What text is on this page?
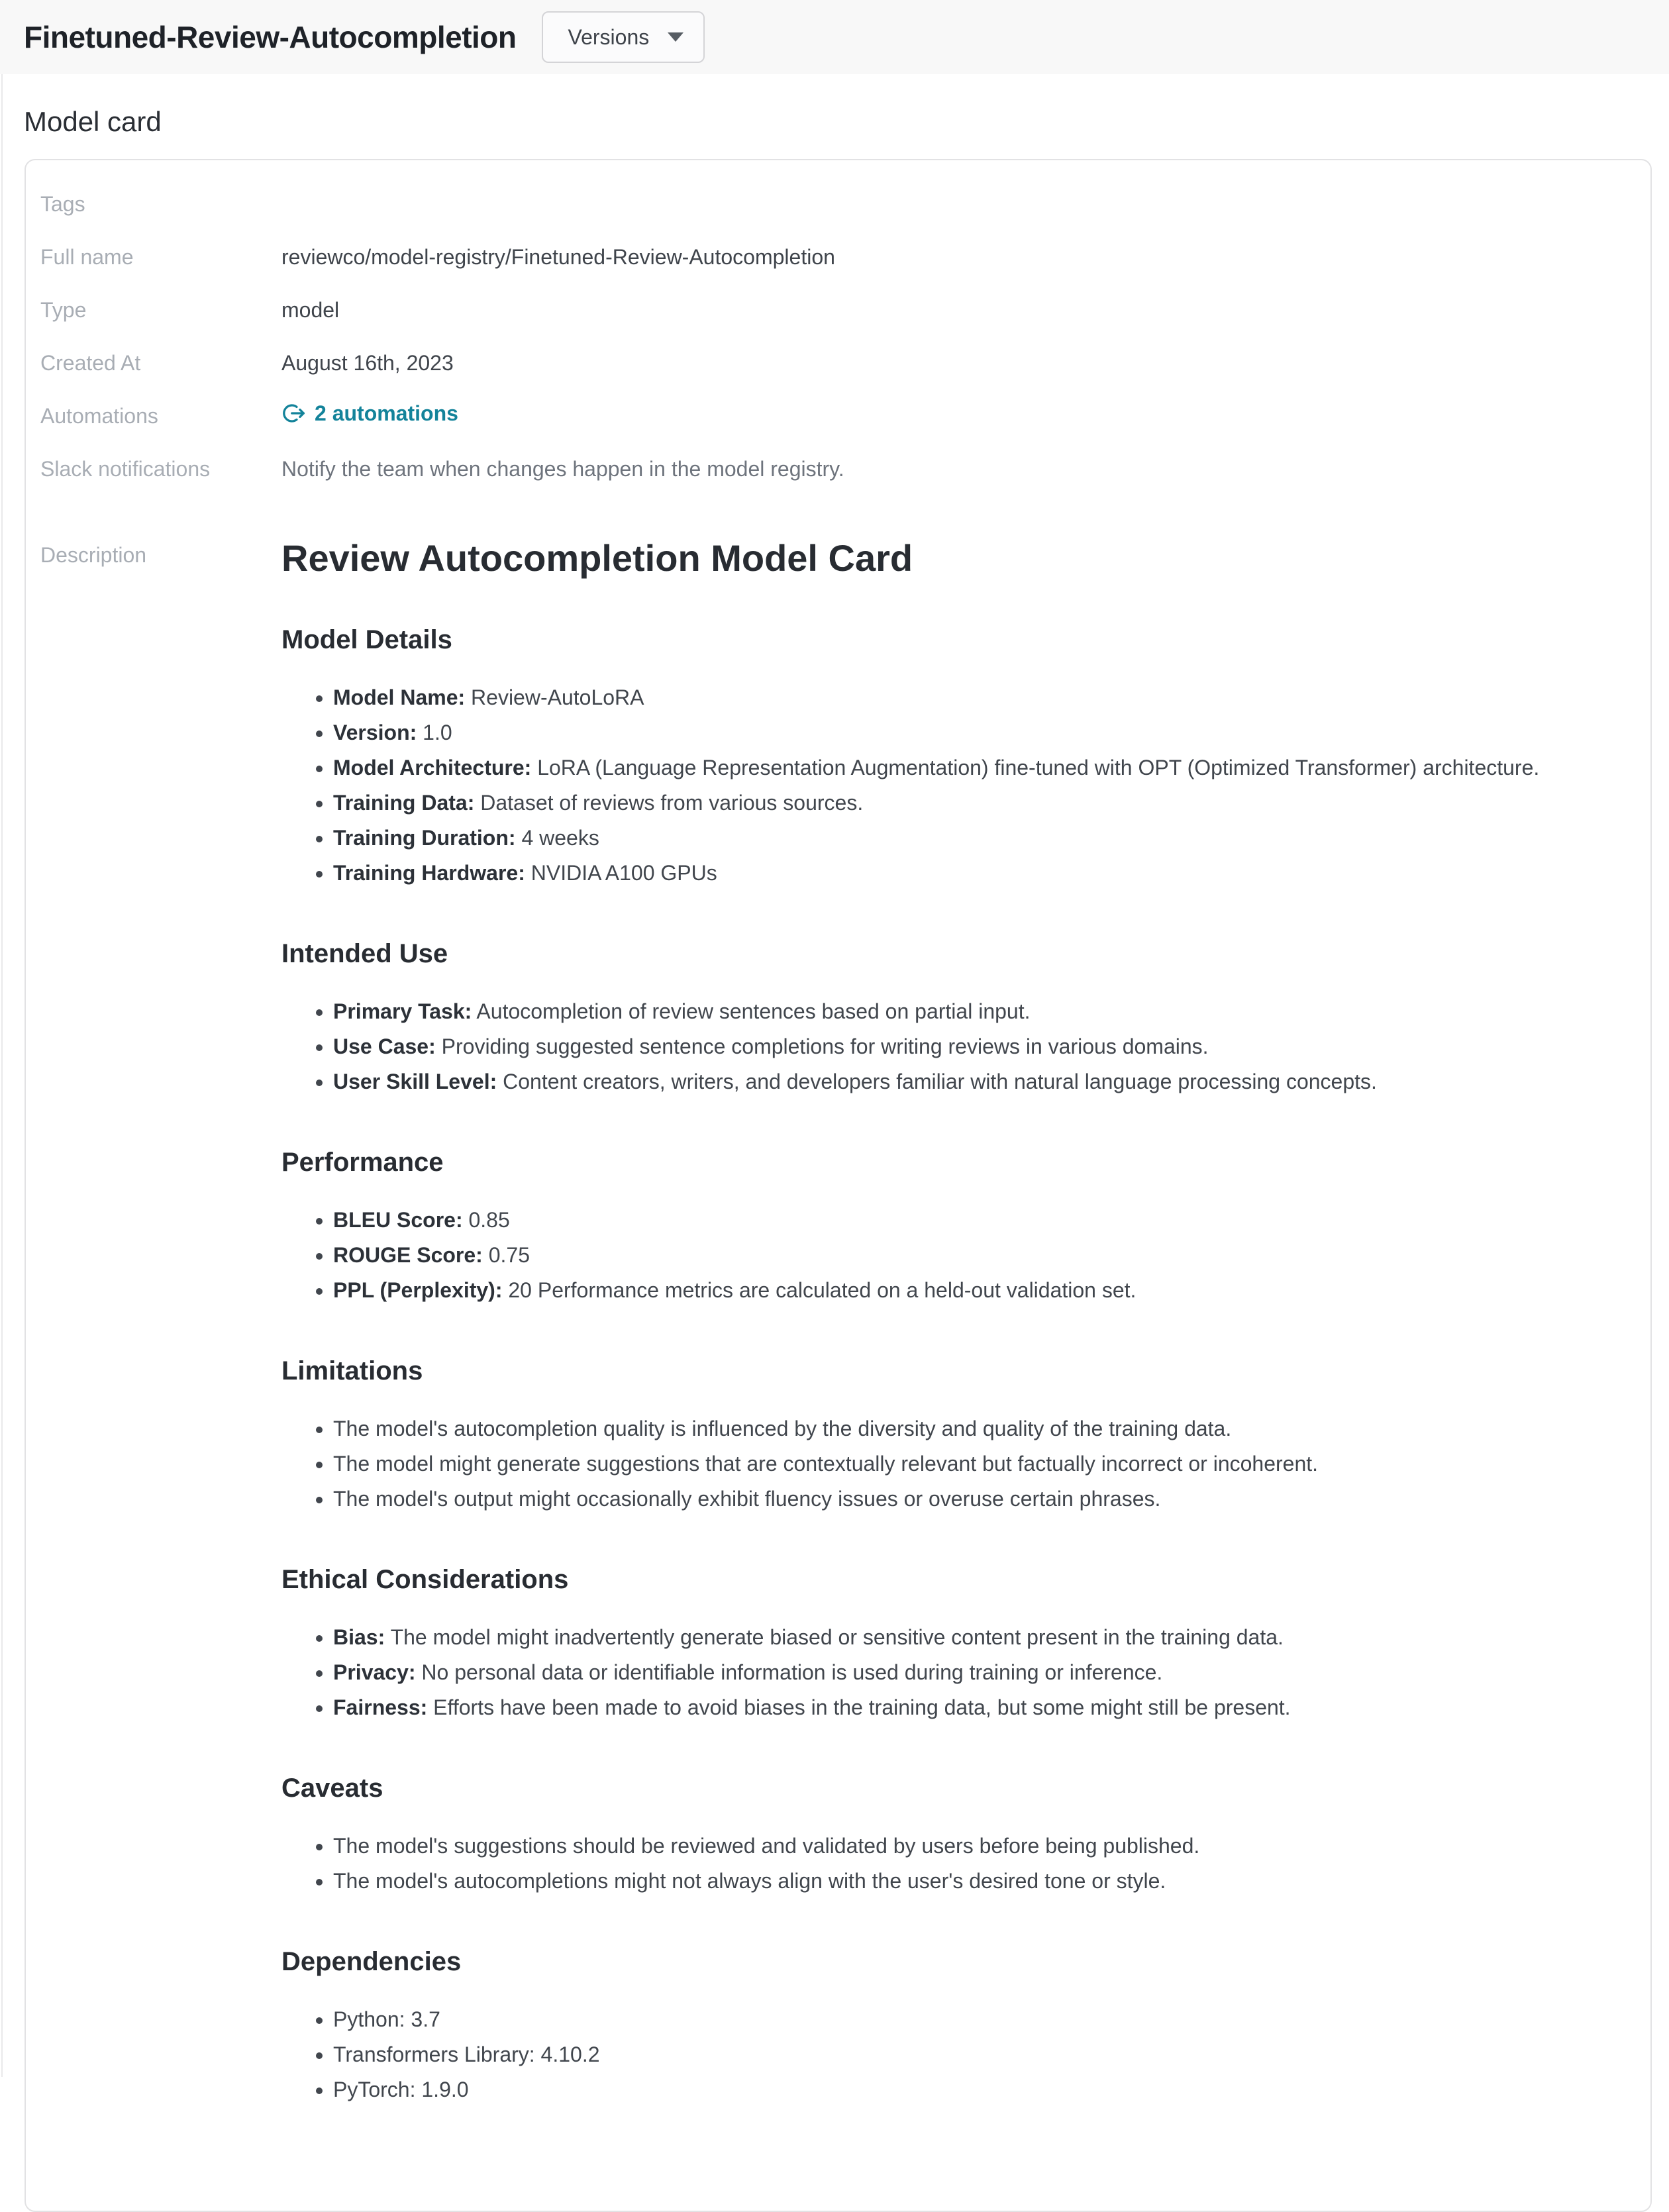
Finetuned-Review-Autocompletion Versions
Model card
Tags
Full name	reviewco/model-registry/Finetuned-Review-Autocompletion
Type	model
Created At	August 16th, 2023
Automations	2 automations
Slack notifications	Notify the team when changes happen in the model registry.
Description	Review Autocompletion Model Card
Model Details
• Model Name: Review-AutoLoRA
• Version: 1.0
• Model Architecture: LoRA (Language Representation Augmentation) fine-tuned with OPT (Optimized Transformer) architecture.
• Training Data: Dataset of reviews from various sources.
• Training Duration: 4 weeks
• Training Hardware: NVIDIA A100 GPUs
Intended Use
• Primary Task: Autocompletion of review sentences based on partial input.
• Use Case: Providing suggested sentence completions for writing reviews in various domains.
• User Skill Level: Content creators, writers, and developers familiar with natural language processing concepts.
Performance
• BLEU Score: 0.85
• ROUGE Score: 0.75
• PPL (Perplexity): 20 Performance metrics are calculated on a held-out validation set.
Limitations
• The model's autocompletion quality is influenced by the diversity and quality of the training data.
• The model might generate suggestions that are contextually relevant but factually incorrect or incoherent.
• The model's output might occasionally exhibit fluency issues or overuse certain phrases.
Ethical Considerations
• Bias: The model might inadvertently generate biased or sensitive content present in the training data.
• Privacy: No personal data or identifiable information is used during training or inference.
• Fairness: Efforts have been made to avoid biases in the training data, but some might still be present.
Caveats
• The model's suggestions should be reviewed and validated by users before being published.
• The model's autocompletions might not always align with the user's desired tone or style.
Dependencies
• Python: 3.7
• Transformers Library: 4.10.2
• PyTorch: 1.9.0
